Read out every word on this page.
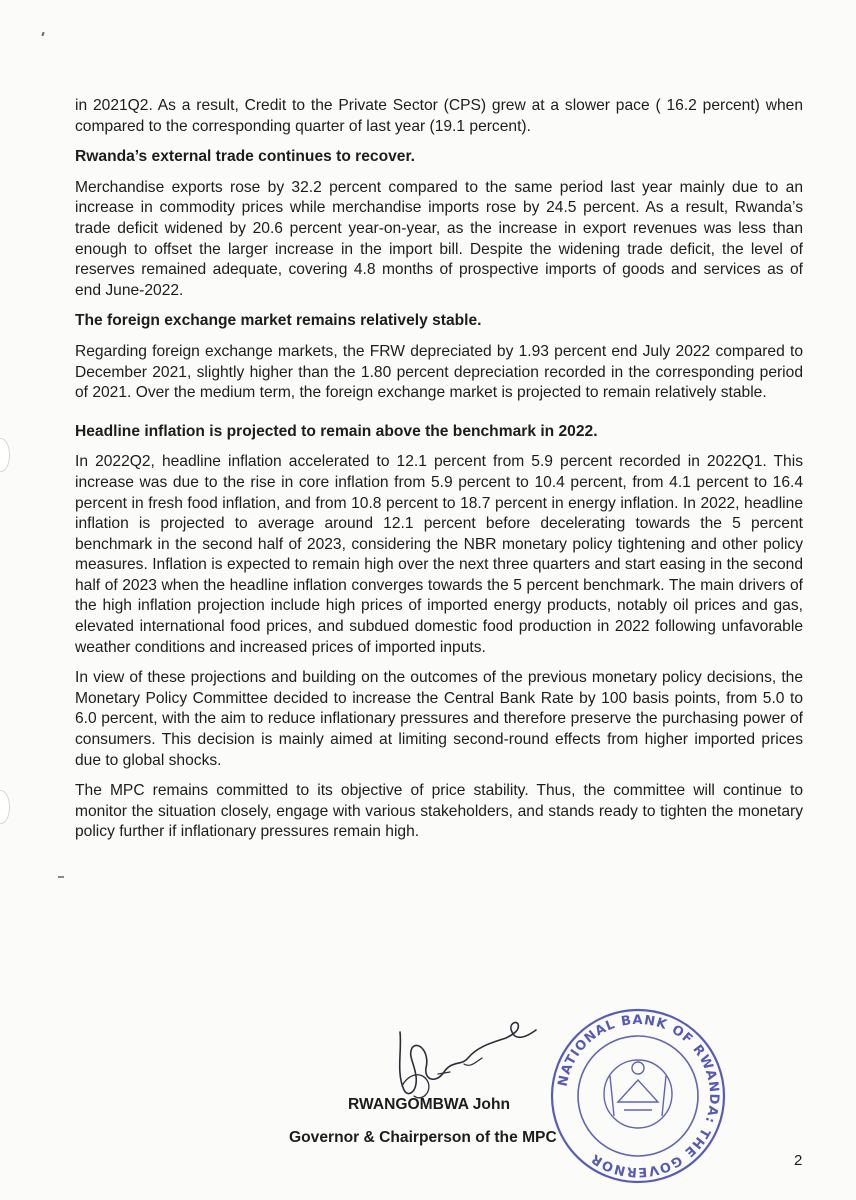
in 2021Q2. As a result, Credit to the Private Sector (CPS) grew at a slower pace ( 16.2 percent) when compared to the corresponding quarter of last year (19.1 percent).

Rwanda’s external trade continues to recover.

Merchandise exports rose by 32.2 percent compared to the same period last year mainly due to an increase in commodity prices while merchandise imports rose by 24.5 percent. As a result, Rwanda’s trade deficit widened by 20.6 percent year-on-year, as the increase in export revenues was less than enough to offset the larger increase in the import bill. Despite the widening trade deficit, the level of reserves remained adequate, covering 4.8 months of prospective imports of goods and services as of end June-2022.

The foreign exchange market remains relatively stable.

Regarding foreign exchange markets, the FRW depreciated by 1.93 percent end July 2022 compared to December 2021, slightly higher than the 1.80 percent depreciation recorded in the corresponding period of 2021. Over the medium term, the foreign exchange market is projected to remain relatively stable.

Headline inflation is projected to remain above the benchmark in 2022.

In 2022Q2, headline inflation accelerated to 12.1 percent from 5.9 percent recorded in 2022Q1. This increase was due to the rise in core inflation from 5.9 percent to 10.4 percent, from 4.1 percent to 16.4 percent in fresh food inflation, and from 10.8 percent to 18.7 percent in energy inflation. In 2022, headline inflation is projected to average around 12.1 percent before decelerating towards the 5 percent benchmark in the second half of 2023, considering the NBR monetary policy tightening and other policy measures. Inflation is expected to remain high over the next three quarters and start easing in the second half of 2023 when the headline inflation converges towards the 5 percent benchmark. The main drivers of the high inflation projection include high prices of imported energy products, notably oil prices and gas, elevated international food prices, and subdued domestic food production in 2022 following unfavorable weather conditions and increased prices of imported inputs.

In view of these projections and building on the outcomes of the previous monetary policy decisions, the Monetary Policy Committee decided to increase the Central Bank Rate by 100 basis points, from 5.0 to 6.0 percent, with the aim to reduce inflationary pressures and therefore preserve the purchasing power of consumers. This decision is mainly aimed at limiting second-round effects from higher imported prices due to global shocks.

The MPC remains committed to its objective of price stability. Thus, the committee will continue to monitor the situation closely, engage with various stakeholders, and stands ready to tighten the monetary policy further if inflationary pressures remain high.

NATIONAL BANK OF RWANDA: THE GOVERNOR
RWANGOMBWA John
Governor & Chairperson of the MPC
2
